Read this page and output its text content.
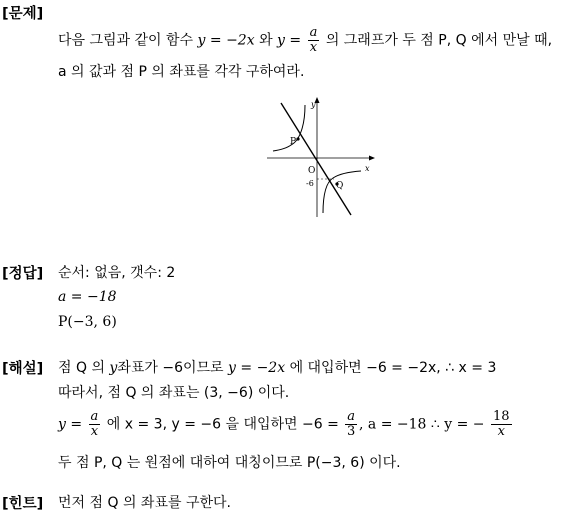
[문제]
다음 그림과 같이 함수 y = −2x 와 $y = \frac{a}{x}$ 의 그래프가 두 점 P, Q 에서 만날 때,
a 의 값과 점 P 의 좌표를 각각 구하여라.
y
x
P
O
Q
-6
[정답] 순서: 없음, 갯수: 2
a = −18
P(−3, 6)
[해설] 점 Q 의 y좌표가 −6이므로 y = −2x 에 대입하면 −6 = −2x, ∴ x = 3
따라서, 점 Q 의 좌표는 (3, −6) 이다.
$y = \frac{a}{x}$ 에 x = 3, y = −6 을 대입하면 $-6 = \frac{a}{3}$ , a = −18 ∴ y = − $\frac{18}{x}$
두 점 P, Q 는 원점에 대하여 대칭이므로 P(−3, 6) 이다.
[힌트] 먼저 점 Q 의 좌표를 구한다.
